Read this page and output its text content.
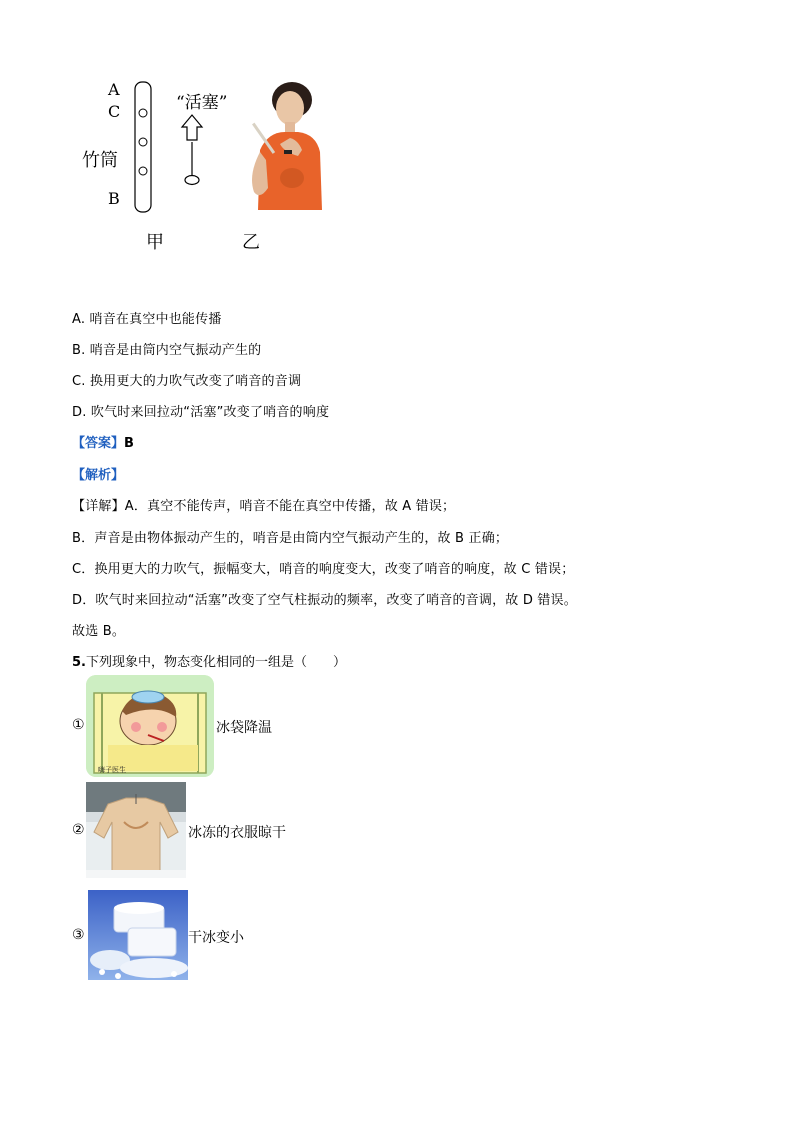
A
C
竹筒
B
“活塞”
甲	乙
A. 哨音在真空中也能传播
B. 哨音是由筒内空气振动产生的
C. 换用更大的力吹气改变了哨音的音调
D. 吹气时来回拉动“活塞”改变了哨音的响度
【答案】B
【解析】
【详解】A．真空不能传声，哨音不能在真空中传播，故 A 错误；
B．声音是由物体振动产生的，哨音是由筒内空气振动产生的，故 B 正确；
C．换用更大的力吹气，振幅变大，哨音的响度变大，改变了哨音的响度，故 C 错误；
D．吹气时来回拉动“活塞”改变了空气柱振动的频率，改变了哨音的音调，故 D 错误。
故选 B。
5.下列现象中，物态变化相同的一组是（　　）
①
嗨子医生
冰袋降温
②	冰冻的衣服晾干
③	干冰变小
